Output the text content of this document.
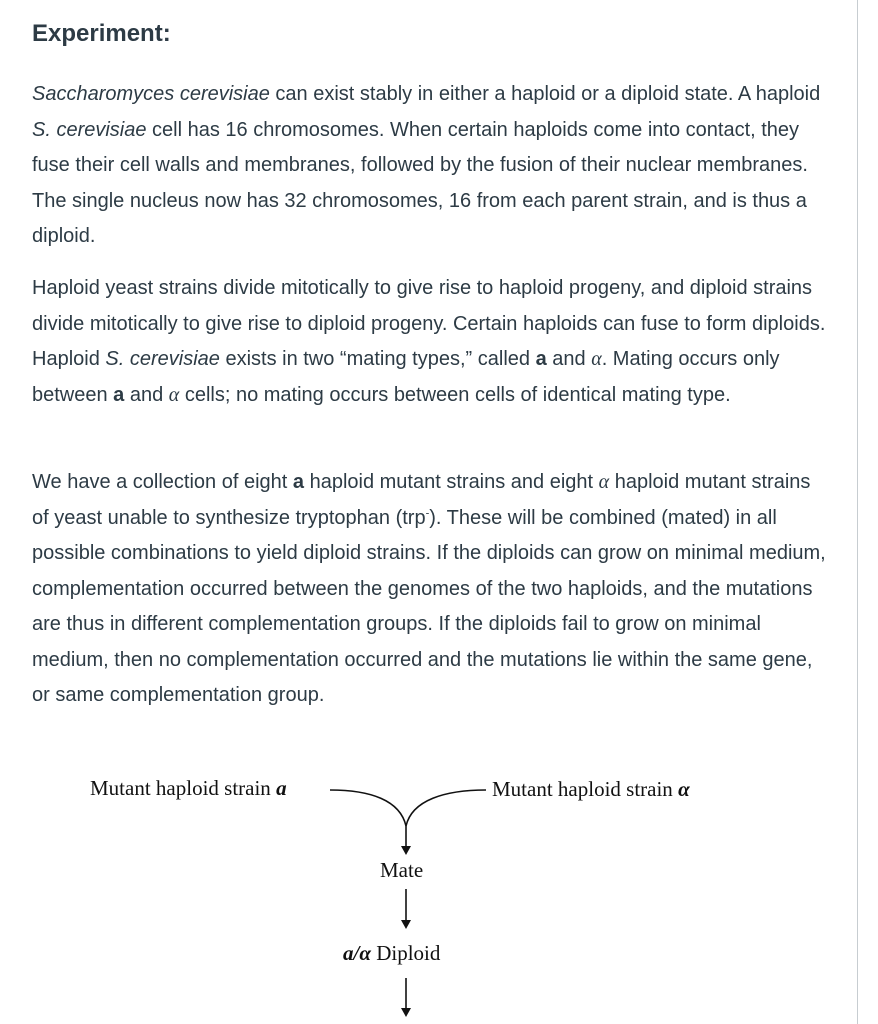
Experiment:

Saccharomyces cerevisiae can exist stably in either a haploid or a diploid state. A haploid S. cerevisiae cell has 16 chromosomes. When certain haploids come into contact, they fuse their cell walls and membranes, followed by the fusion of their nuclear membranes. The single nucleus now has 32 chromosomes, 16 from each parent strain, and is thus a diploid.

Haploid yeast strains divide mitotically to give rise to haploid progeny, and diploid strains divide mitotically to give rise to diploid progeny. Certain haploids can fuse to form diploids. Haploid S. cerevisiae exists in two “mating types,” called a and α. Mating occurs only between a and α cells; no mating occurs between cells of identical mating type.

We have a collection of eight a haploid mutant strains and eight α haploid mutant strains of yeast unable to synthesize tryptophan (trp-). These will be combined (mated) in all possible combinations to yield diploid strains. If the diploids can grow on minimal medium, complementation occurred between the genomes of the two haploids, and the mutations are thus in different complementation groups. If the diploids fail to grow on minimal medium, then no complementation occurred and the mutations lie within the same gene, or same complementation group.

Mutant haploid strain a	Mutant haploid strain α
Mate
a/α Diploid
